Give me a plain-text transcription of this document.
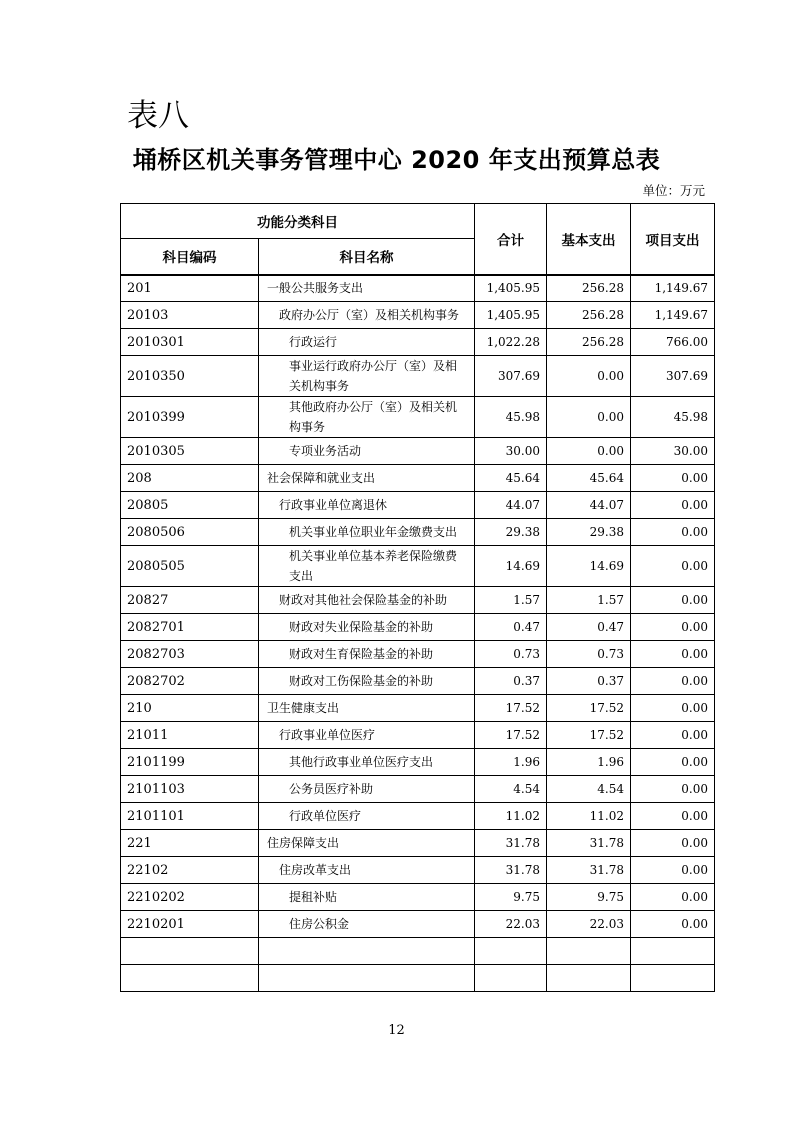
表八
埇桥区机关事务管理中心 2020 年支出预算总表
单位：万元
功能分类科目		合计	基本支出	项目支出
科目编码	科目名称			
201	一般公共服务支出	1,405.95	256.28	1,149.67
20103	政府办公厅（室）及相关机构事务	1,405.95	256.28	1,149.67
2010301	行政运行	1,022.28	256.28	766.00
2010350	事业运行政府办公厅（室）及相关机构事务	307.69	0.00	307.69
2010399	其他政府办公厅（室）及相关机构事务	45.98	0.00	45.98
2010305	专项业务活动	30.00	0.00	30.00
208	社会保障和就业支出	45.64	45.64	0.00
20805	行政事业单位离退休	44.07	44.07	0.00
2080506	机关事业单位职业年金缴费支出	29.38	29.38	0.00
2080505	机关事业单位基本养老保险缴费支出	14.69	14.69	0.00
20827	财政对其他社会保险基金的补助	1.57	1.57	0.00
2082701	财政对失业保险基金的补助	0.47	0.47	0.00
2082703	财政对生育保险基金的补助	0.73	0.73	0.00
2082702	财政对工伤保险基金的补助	0.37	0.37	0.00
210	卫生健康支出	17.52	17.52	0.00
21011	行政事业单位医疗	17.52	17.52	0.00
2101199	其他行政事业单位医疗支出	1.96	1.96	0.00
2101103	公务员医疗补助	4.54	4.54	0.00
2101101	行政单位医疗	11.02	11.02	0.00
221	住房保障支出	31.78	31.78	0.00
22102	住房改革支出	31.78	31.78	0.00
2210202	提租补贴	9.75	9.75	0.00
2210201	住房公积金	22.03	22.03	0.00

12
